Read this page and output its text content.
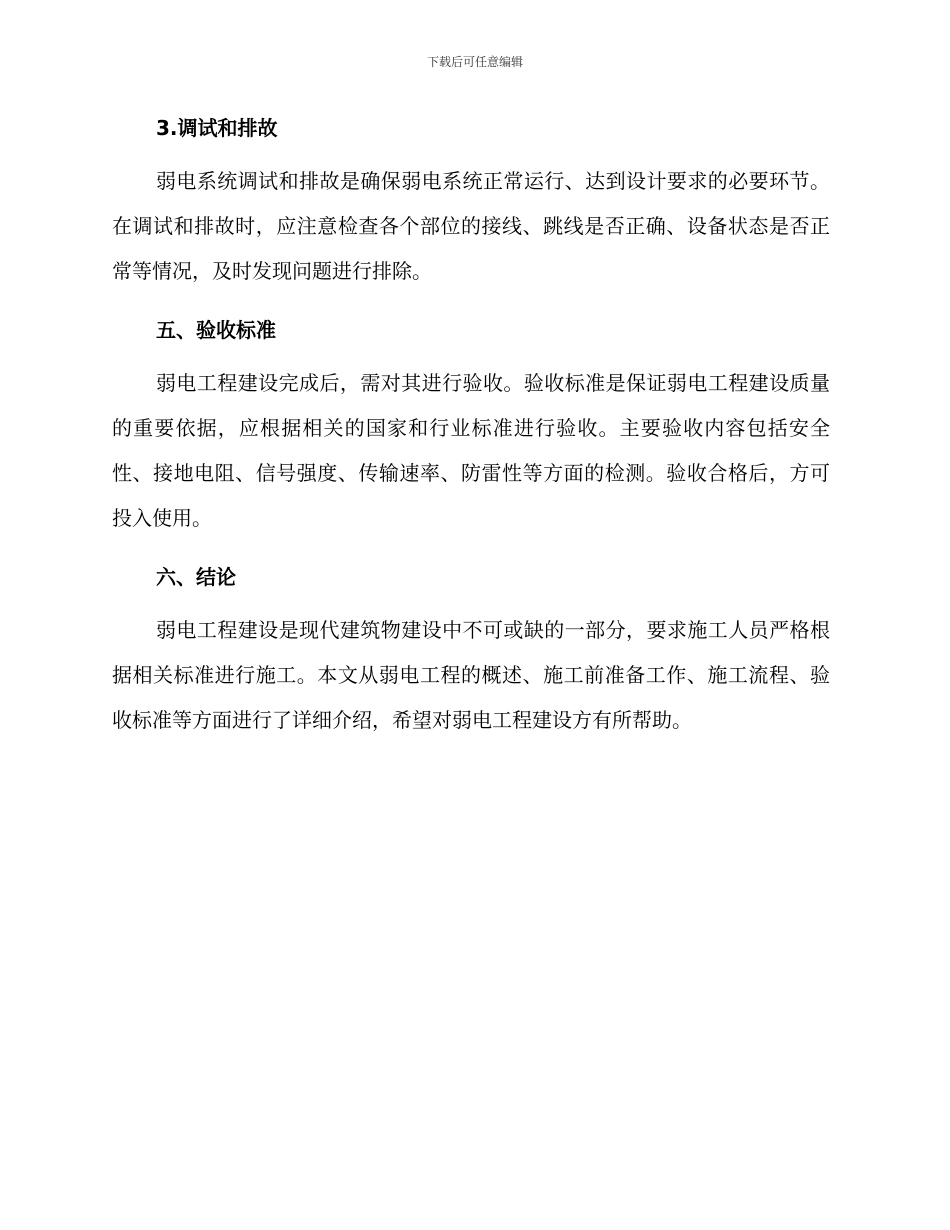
下载后可任意编辑
3.调试和排故

弱电系统调试和排故是确保弱电系统正常运行、达到设计要求的必要环节。在调试和排故时，应注意检查各个部位的接线、跳线是否正确、设备状态是否正常等情况，及时发现问题进行排除。

五、验收标准

弱电工程建设完成后，需对其进行验收。验收标准是保证弱电工程建设质量的重要依据，应根据相关的国家和行业标准进行验收。主要验收内容包括安全性、接地电阻、信号强度、传输速率、防雷性等方面的检测。验收合格后，方可投入使用。

六、结论

弱电工程建设是现代建筑物建设中不可或缺的一部分，要求施工人员严格根据相关标准进行施工。本文从弱电工程的概述、施工前准备工作、施工流程、验收标准等方面进行了详细介绍，希望对弱电工程建设方有所帮助。
